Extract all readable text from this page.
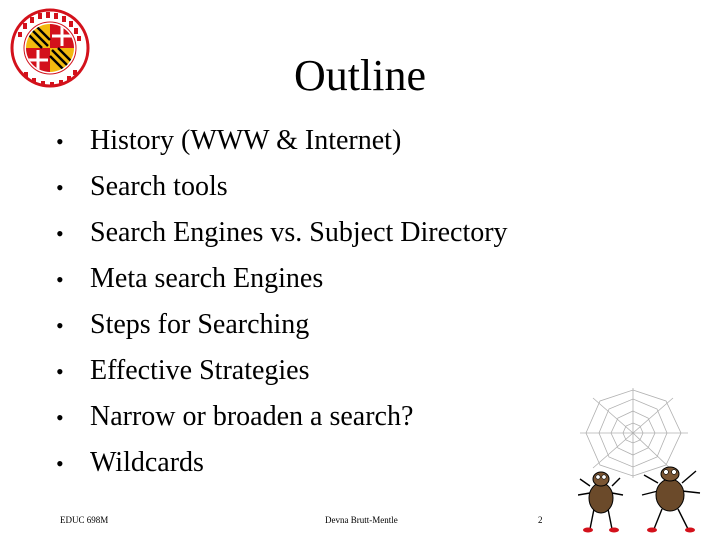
Outline
• History (WWW & Internet)
• Search tools
• Search Engines vs. Subject Directory
• Meta search Engines
• Steps for Searching
• Effective Strategies
• Narrow or broaden a search?
• Wildcards
EDUC 698M	Devna Brutt-Mentle	2
